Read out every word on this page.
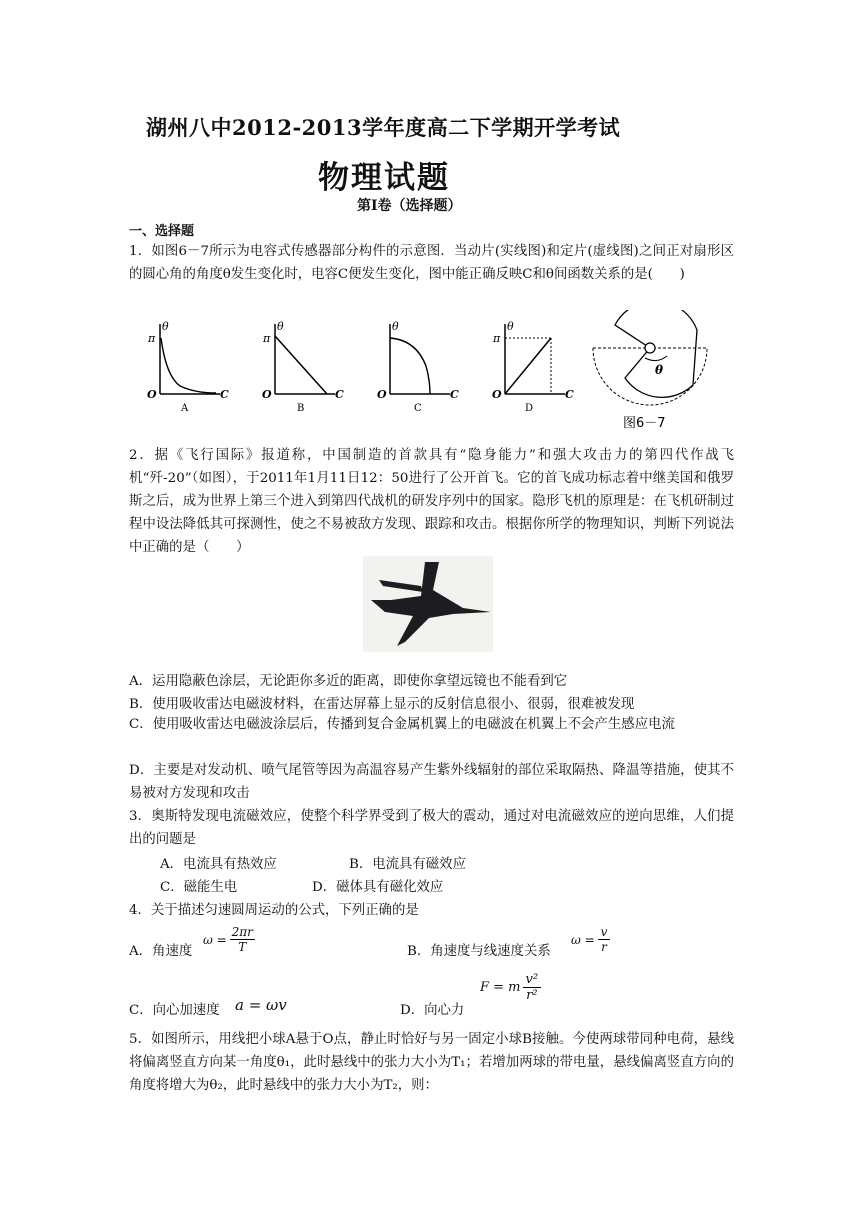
湖州八中2012-2013学年度高二下学期开学考试
物理试题
第Ⅰ卷（选择题）
一、选择题
1．如图6－7所示为电容式传感器部分构件的示意图．当动片(实线图)和定片(虚线图)之间正对扇形区的圆心角的角度θ发生变化时，电容C便发生变化，图中能正确反映C和θ间函数关系的是(　　)
π
θ
O	C
A
π
θ
O	C
B
θ
O	C
C
π
θ
O	C
D
θ
图6－7
2．据《飞行国际》报道称，中国制造的首款具有“隐身能力”和强大攻击力的第四代作战飞机“歼-20”（如图），于2011年1月11日12：50进行了公开首飞。它的首飞成功标志着中继美国和俄罗斯之后，成为世界上第三个进入到第四代战机的研发序列中的国家。隐形飞机的原理是：在飞机研制过程中设法降低其可探测性，使之不易被敌方发现、跟踪和攻击。根据你所学的物理知识，判断下列说法中正确的是（　　）
A．运用隐蔽色涂层，无论距你多近的距离，即使你拿望远镜也不能看到它
B．使用吸收雷达电磁波材料，在雷达屏幕上显示的反射信息很小、很弱，很难被发现
C．使用吸收雷达电磁波涂层后，传播到复合金属机翼上的电磁波在机翼上不会产生感应电流
D．主要是对发动机、喷气尾管等因为高温容易产生紫外线辐射的部位采取隔热、降温等措施，使其不易被对方发现和攻击
3．奥斯特发现电流磁效应，使整个科学界受到了极大的震动，通过对电流磁效应的逆向思维，人们提出的问题是
A．电流具有热效应	B．电流具有磁效应
C．磁能生电	D．磁体具有磁化效应
4．关于描述匀速圆周运动的公式，下列正确的是
A．角速度
$\omega = \frac{2\pi r}{T}$	B．角速度与线速度关系
$\omega = \frac{v}{r}$
C．向心加速度 a = ωv	D．向心力
F = m
v²
r²
5．如图所示，用线把小球A悬于O点，静止时恰好与另一固定小球B接触。今使两球带同种电荷，悬线将偏离竖直方向某一角度θ₁，此时悬线中的张力大小为T₁；若增加两球的带电量，悬线偏离竖直方向的角度将增大为θ₂，此时悬线中的张力大小为T₂，则：
